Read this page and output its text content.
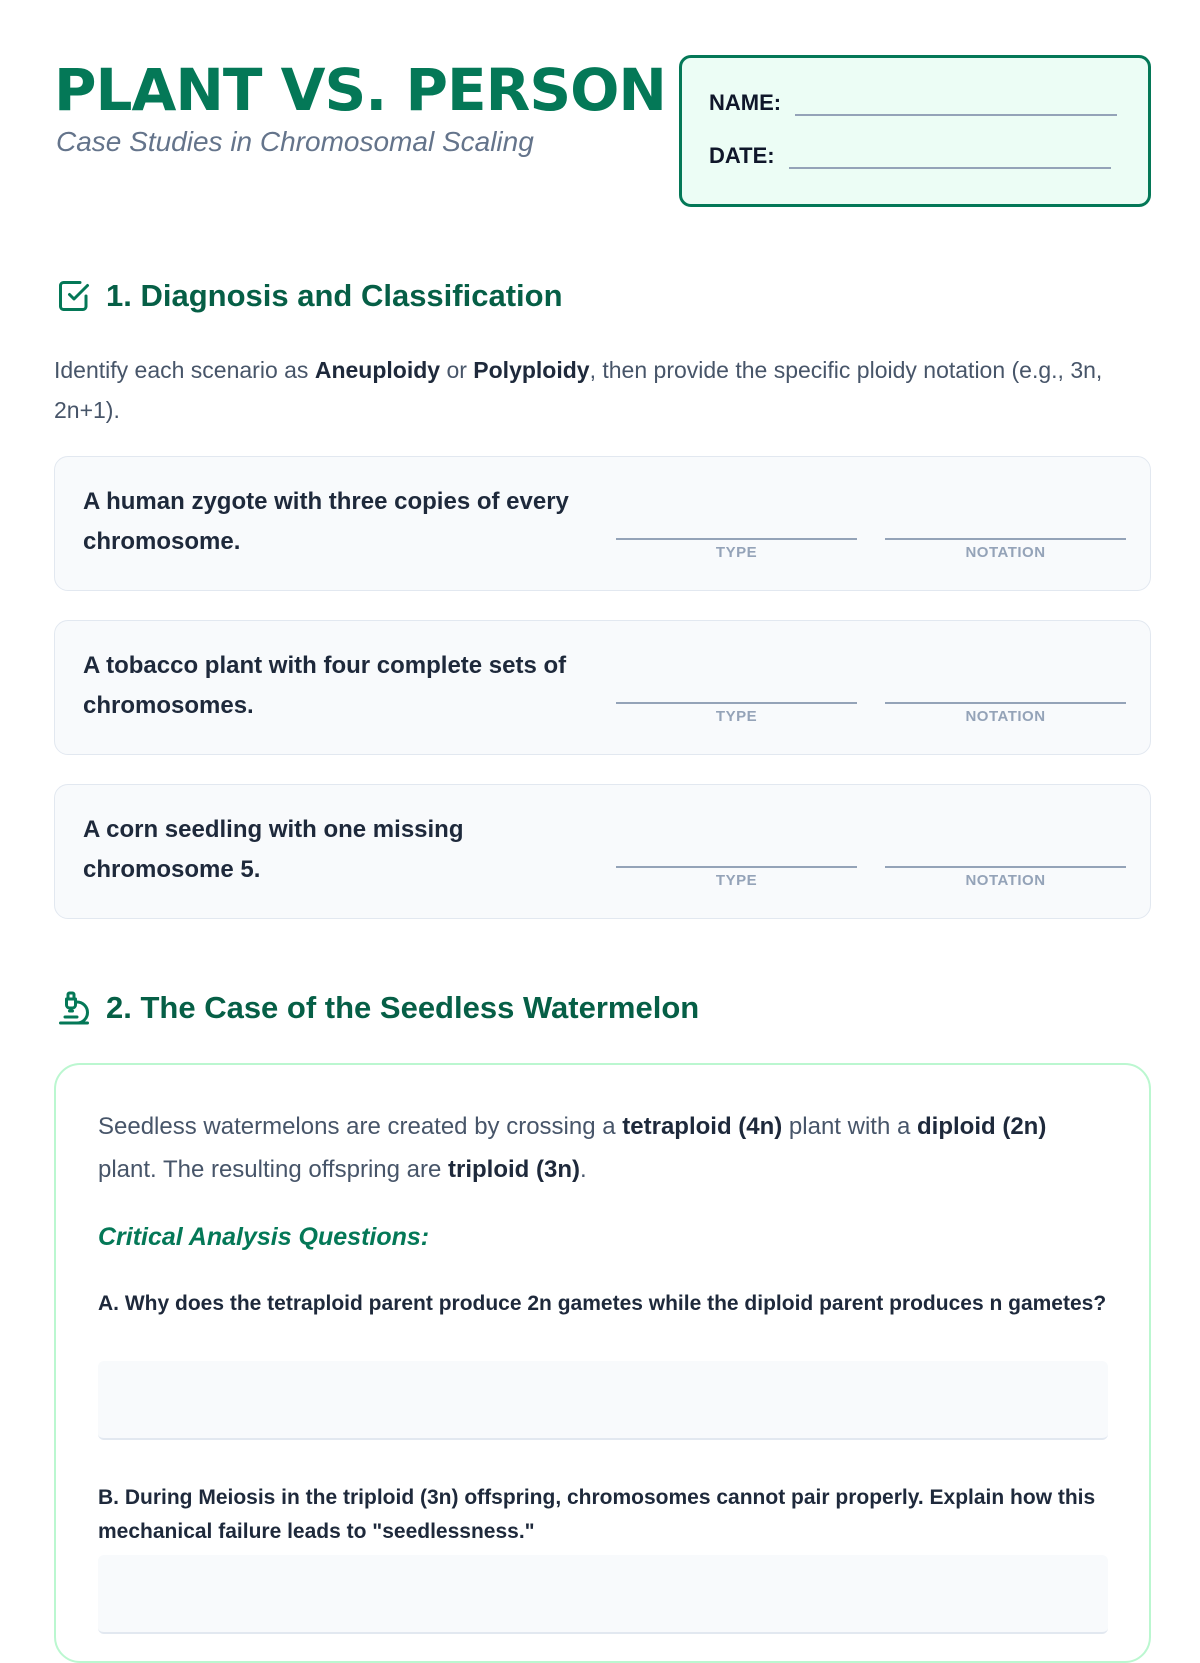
PLANT VS. PERSON
Case Studies in Chromosomal Scaling
NAME:
DATE:
1. Diagnosis and Classification
Identify each scenario as Aneuploidy or Polyploidy, then provide the specific ploidy notation (e.g., 3n, 2n+1).
A human zygote with three copies of every chromosome.	TYPE	NOTATION
A tobacco plant with four complete sets of chromosomes.	TYPE	NOTATION
A corn seedling with one missing chromosome 5.	TYPE	NOTATION
2. The Case of the Seedless Watermelon
Seedless watermelons are created by crossing a tetraploid (4n) plant with a diploid (2n) plant. The resulting offspring are triploid (3n).
Critical Analysis Questions:
A. Why does the tetraploid parent produce 2n gametes while the diploid parent produces n gametes?
B. During Meiosis in the triploid (3n) offspring, chromosomes cannot pair properly. Explain how this mechanical failure leads to "seedlessness."
